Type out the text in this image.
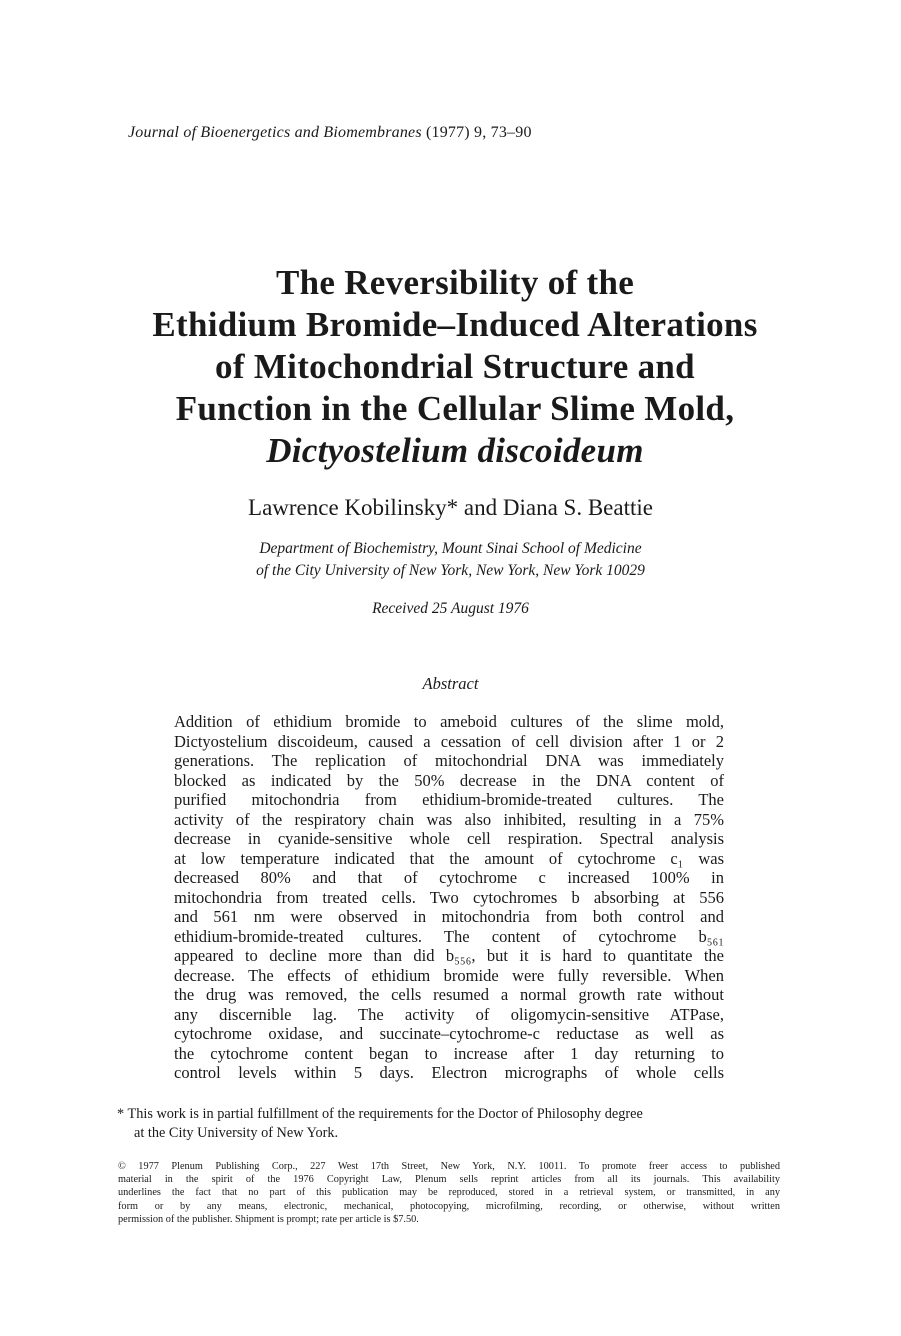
Journal of Bioenergetics and Biomembranes (1977) 9, 73–90
The Reversibility of the
Ethidium Bromide–Induced Alterations
of Mitochondrial Structure and
Function in the Cellular Slime Mold,
Dictyostelium discoideum
Lawrence Kobilinsky* and Diana S. Beattie
Department of Biochemistry, Mount Sinai School of Medicine
of the City University of New York, New York, New York 10029
Received 25 August 1976
Abstract
Addition of ethidium bromide to ameboid cultures of the slime mold,
Dictyostelium discoideum, caused a cessation of cell division after 1 or 2
generations. The replication of mitochondrial DNA was immediately
blocked as indicated by the 50% decrease in the DNA content of
purified mitochondria from ethidium-bromide-treated cultures. The
activity of the respiratory chain was also inhibited, resulting in a 75%
decrease in cyanide-sensitive whole cell respiration. Spectral analysis
at low temperature indicated that the amount of cytochrome c₁ was
decreased 80% and that of cytochrome c increased 100% in
mitochondria from treated cells. Two cytochromes b absorbing at 556
and 561 nm were observed in mitochondria from both control and
ethidium-bromide-treated cultures. The content of cytochrome b₅₆₁
appeared to decline more than did b₅₅₆, but it is hard to quantitate the
decrease. The effects of ethidium bromide were fully reversible. When
the drug was removed, the cells resumed a normal growth rate without
any discernible lag. The activity of oligomycin-sensitive ATPase,
cytochrome oxidase, and succinate–cytochrome-c reductase as well as
the cytochrome content began to increase after 1 day returning to
control levels within 5 days. Electron micrographs of whole cells
* This work is in partial fulfillment of the requirements for the Doctor of Philosophy degree
at the City University of New York.
© 1977 Plenum Publishing Corp., 227 West 17th Street, New York, N.Y. 10011. To promote freer access to published
material in the spirit of the 1976 Copyright Law, Plenum sells reprint articles from all its journals. This availability
underlines the fact that no part of this publication may be reproduced, stored in a retrieval system, or transmitted, in any
form or by any means, electronic, mechanical, photocopying, microfilming, recording, or otherwise, without written
permission of the publisher. Shipment is prompt; rate per article is $7.50.
